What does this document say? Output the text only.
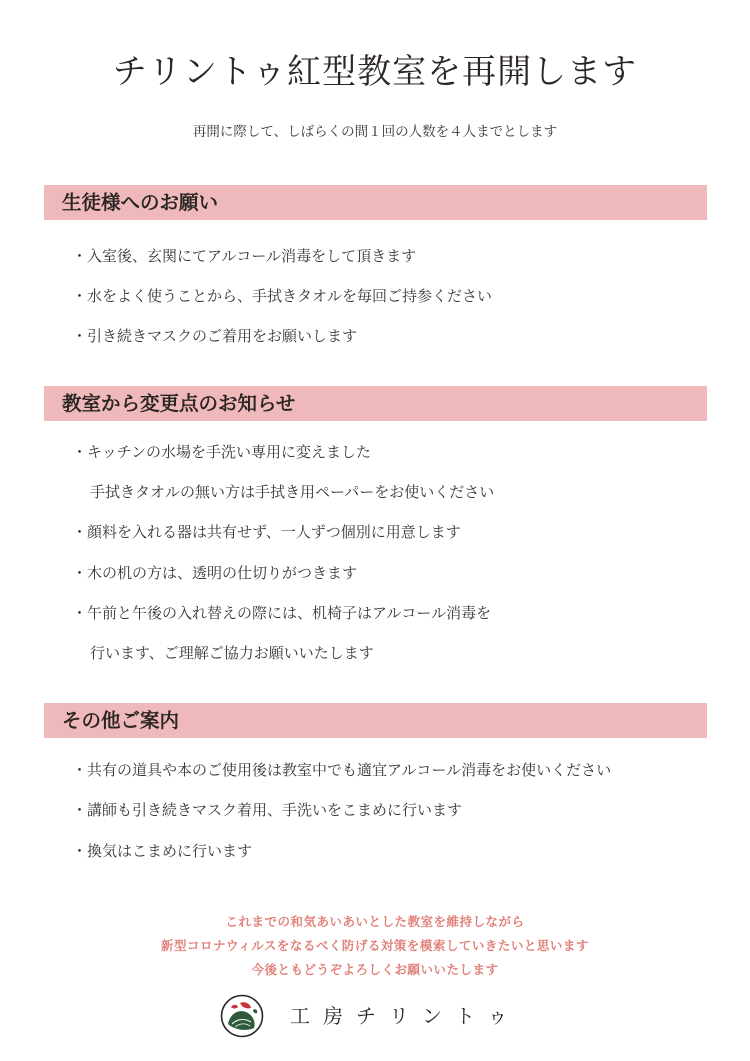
チリントゥ紅型教室を再開します
再開に際して、しばらくの間１回の人数を４人までとします
生徒様へのお願い
・入室後、玄関にてアルコール消毒をして頂きます
・水をよく使うことから、手拭きタオルを毎回ご持参ください
・引き続きマスクのご着用をお願いします
教室から変更点のお知らせ
・キッチンの水場を手洗い専用に変えました
手拭きタオルの無い方は手拭き用ペーパーをお使いください
・顔料を入れる器は共有せず、一人ずつ個別に用意します
・木の机の方は、透明の仕切りがつきます
・午前と午後の入れ替えの際には、机椅子はアルコール消毒を
行います、ご理解ご協力お願いいたします
その他ご案内
・共有の道具や本のご使用後は教室中でも適宜アルコール消毒をお使いください
・講師も引き続きマスク着用、手洗いをこまめに行います
・換気はこまめに行います
これまでの和気あいあいとした教室を維持しながら
新型コロナウィルスをなるべく防げる対策を模索していきたいと思います
今後ともどうぞよろしくお願いいたします
工房チリントゥ
